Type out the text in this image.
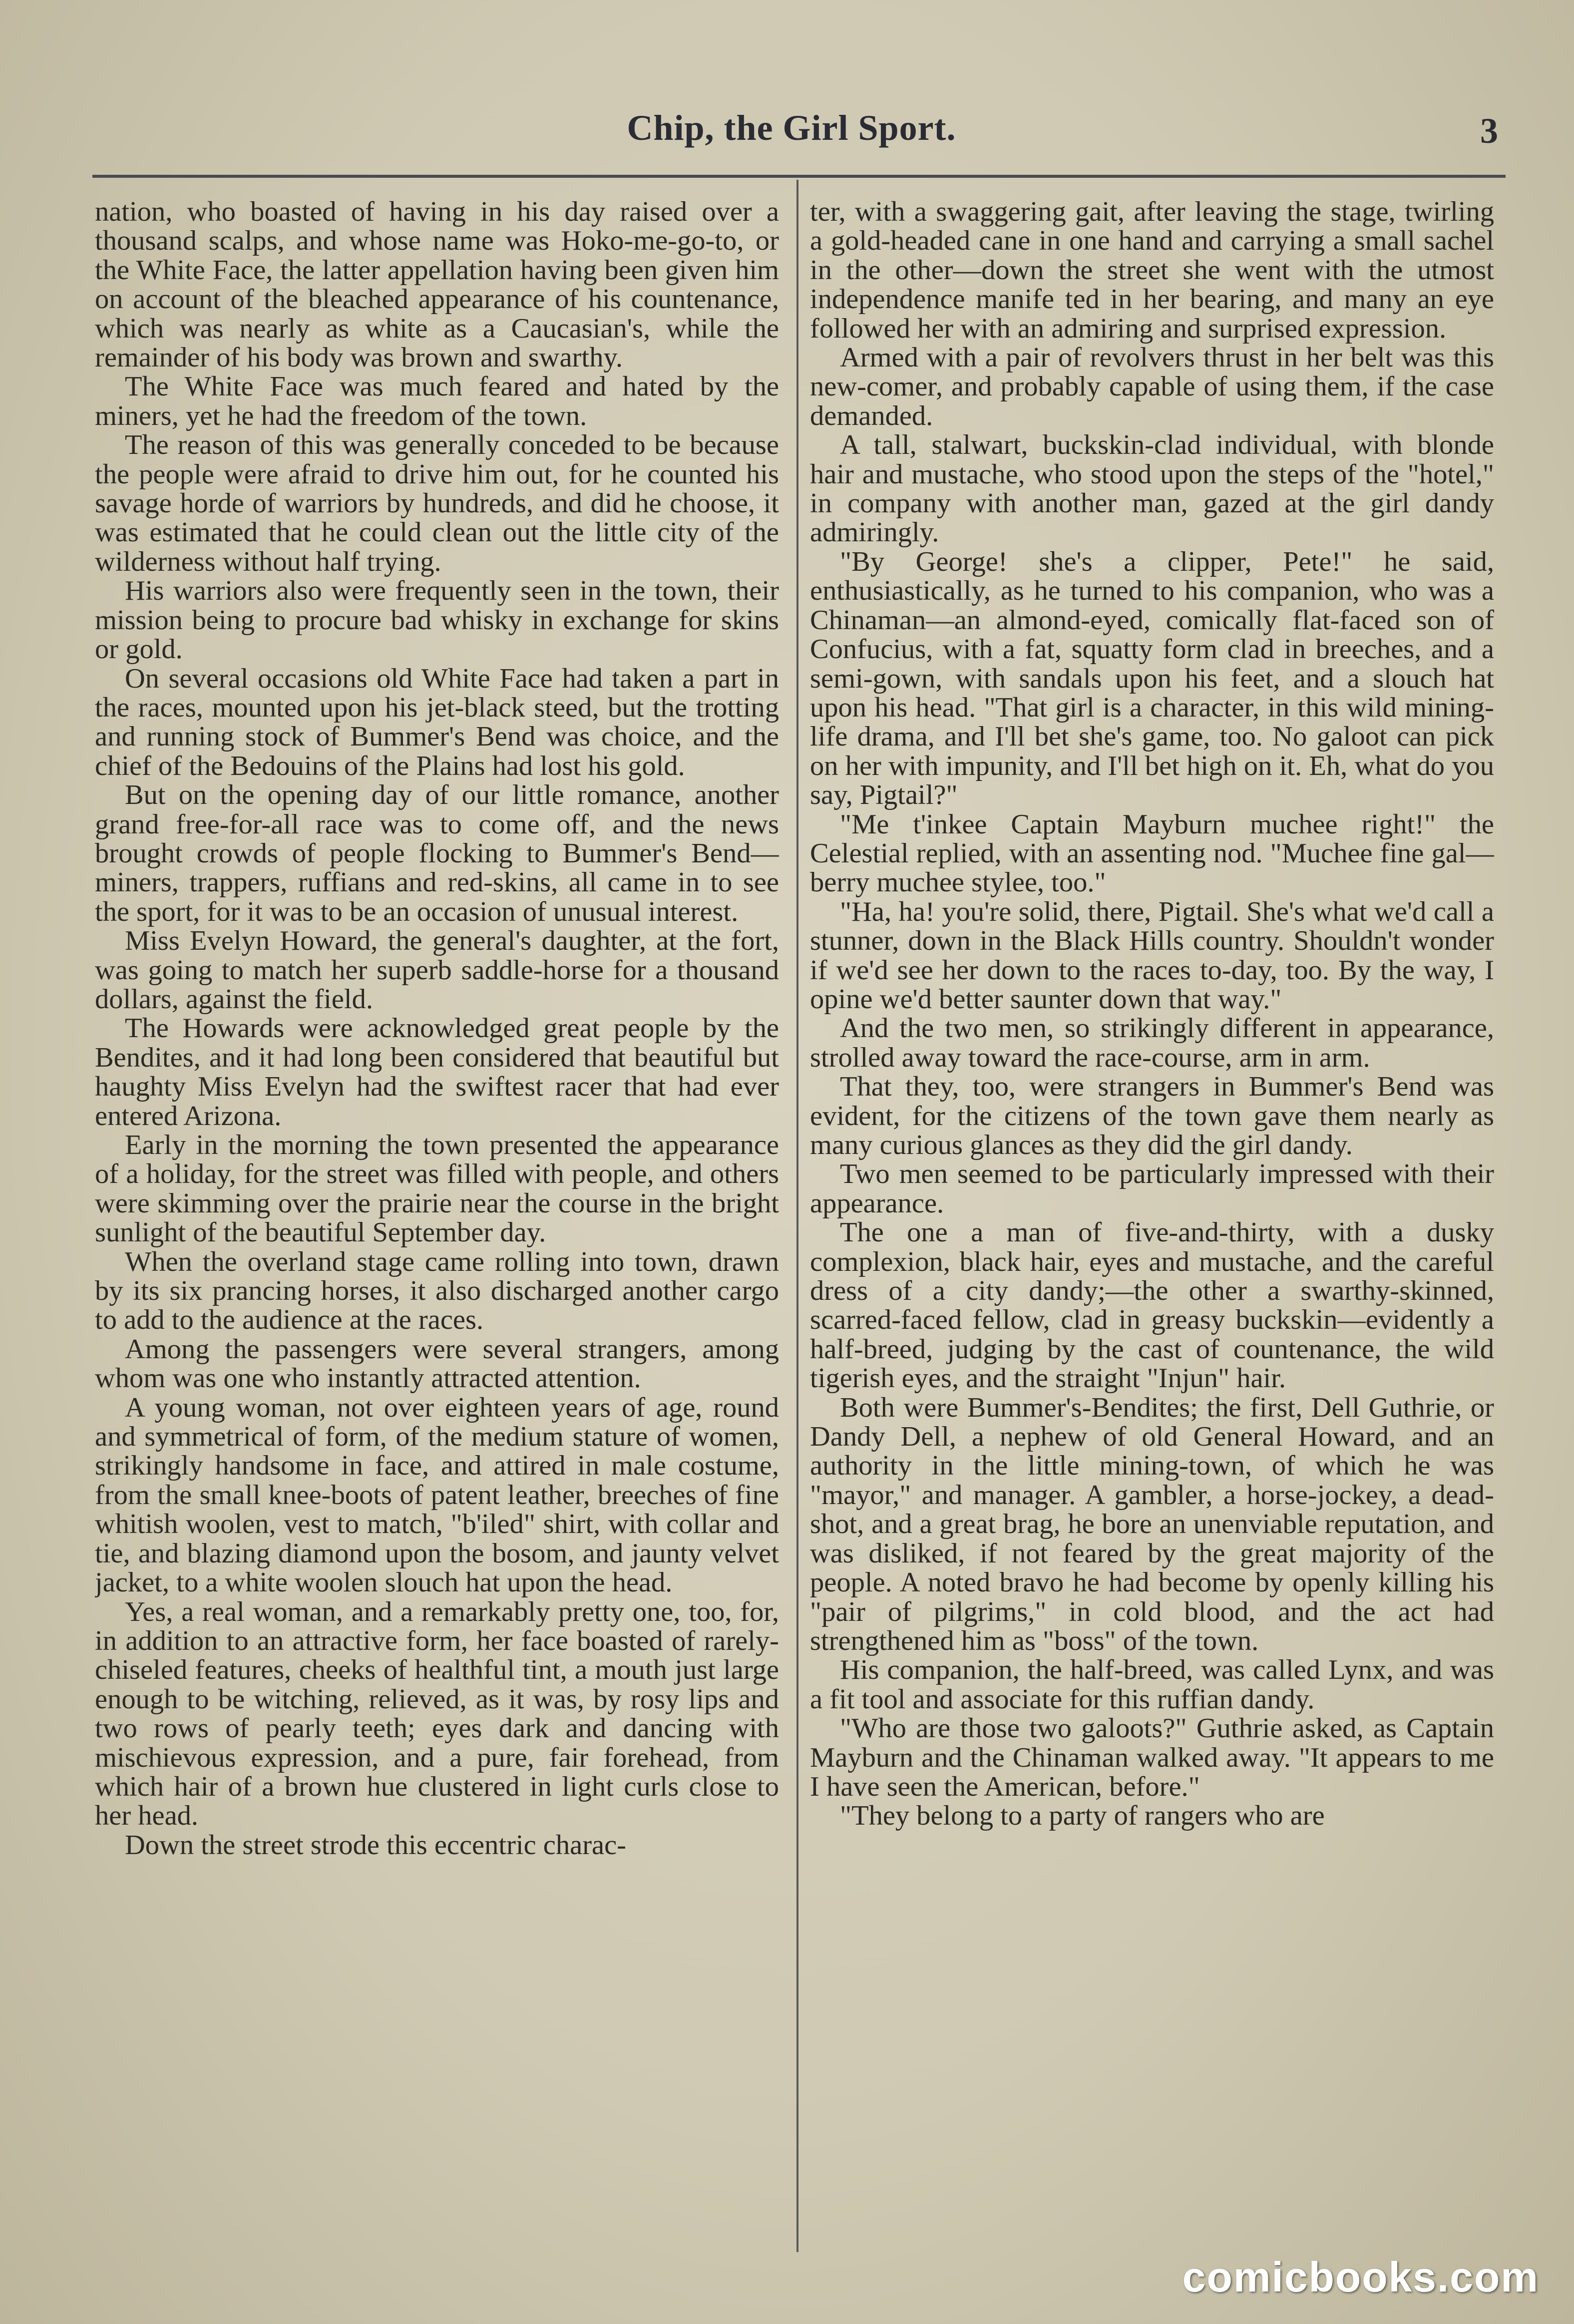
Chip, the Girl Sport.	3

nation, who boasted of having in his day raised over a thousand scalps, and whose name was Hoko-me-go-to, or the White Face, the latter appellation having been given him on account of the bleached appearance of his countenance, which was nearly as white as a Caucasian's, while the remainder of his body was brown and swarthy.

The White Face was much feared and hated by the miners, yet he had the freedom of the town.

The reason of this was generally conceded to be because the people were afraid to drive him out, for he counted his savage horde of warriors by hundreds, and did he choose, it was estimated that he could clean out the little city of the wilderness without half trying.

His warriors also were frequently seen in the town, their mission being to procure bad whisky in exchange for skins or gold.

On several occasions old White Face had taken a part in the races, mounted upon his jet-black steed, but the trotting and running stock of Bummer's Bend was choice, and the chief of the Bedouins of the Plains had lost his gold.

But on the opening day of our little romance, another grand free-for-all race was to come off, and the news brought crowds of people flocking to Bummer's Bend—miners, trappers, ruffians and red-skins, all came in to see the sport, for it was to be an occasion of unusual interest.

Miss Evelyn Howard, the general's daughter, at the fort, was going to match her superb saddle-horse for a thousand dollars, against the field.

The Howards were acknowledged great people by the Bendites, and it had long been considered that beautiful but haughty Miss Evelyn had the swiftest racer that had ever entered Arizona.

Early in the morning the town presented the appearance of a holiday, for the street was filled with people, and others were skimming over the prairie near the course in the bright sunlight of the beautiful September day.

When the overland stage came rolling into town, drawn by its six prancing horses, it also discharged another cargo to add to the audience at the races.

Among the passengers were several strangers, among whom was one who instantly attracted attention.

A young woman, not over eighteen years of age, round and symmetrical of form, of the medium stature of women, strikingly handsome in face, and attired in male costume, from the small knee-boots of patent leather, breeches of fine whitish woolen, vest to match, "b'iled" shirt, with collar and tie, and blazing diamond upon the bosom, and jaunty velvet jacket, to a white woolen slouch hat upon the head.

Yes, a real woman, and a remarkably pretty one, too, for, in addition to an attractive form, her face boasted of rarely-chiseled features, cheeks of healthful tint, a mouth just large enough to be witching, relieved, as it was, by rosy lips and two rows of pearly teeth; eyes dark and dancing with mischievous expression, and a pure, fair forehead, from which hair of a brown hue clustered in light curls close to her head.

Down the street strode this eccentric charac-

ter, with a swaggering gait, after leaving the stage, twirling a gold-headed cane in one hand and carrying a small sachel in the other—down the street she went with the utmost independence manife ted in her bearing, and many an eye followed her with an admiring and surprised expression.

Armed with a pair of revolvers thrust in her belt was this new-comer, and probably capable of using them, if the case demanded.

A tall, stalwart, buckskin-clad individual, with blonde hair and mustache, who stood upon the steps of the "hotel," in company with another man, gazed at the girl dandy admiringly.

"By George! she's a clipper, Pete!" he said, enthusiastically, as he turned to his companion, who was a Chinaman—an almond-eyed, comically flat-faced son of Confucius, with a fat, squatty form clad in breeches, and a semi-gown, with sandals upon his feet, and a slouch hat upon his head. "That girl is a character, in this wild mining-life drama, and I'll bet she's game, too. No galoot can pick on her with impunity, and I'll bet high on it. Eh, what do you say, Pigtail?"

"Me t'inkee Captain Mayburn muchee right!" the Celestial replied, with an assenting nod. "Muchee fine gal—berry muchee stylee, too."

"Ha, ha! you're solid, there, Pigtail. She's what we'd call a stunner, down in the Black Hills country. Shouldn't wonder if we'd see her down to the races to-day, too. By the way, I opine we'd better saunter down that way."

And the two men, so strikingly different in appearance, strolled away toward the race-course, arm in arm.

That they, too, were strangers in Bummer's Bend was evident, for the citizens of the town gave them nearly as many curious glances as they did the girl dandy.

Two men seemed to be particularly impressed with their appearance.

The one a man of five-and-thirty, with a dusky complexion, black hair, eyes and mustache, and the careful dress of a city dandy;—the other a swarthy-skinned, scarred-faced fellow, clad in greasy buckskin—evidently a half-breed, judging by the cast of countenance, the wild tigerish eyes, and the straight "Injun" hair.

Both were Bummer's-Bendites; the first, Dell Guthrie, or Dandy Dell, a nephew of old General Howard, and an authority in the little mining-town, of which he was "mayor," and manager. A gambler, a horse-jockey, a dead-shot, and a great brag, he bore an unenviable reputation, and was disliked, if not feared by the great majority of the people. A noted bravo he had become by openly killing his "pair of pilgrims," in cold blood, and the act had strengthened him as "boss" of the town.

His companion, the half-breed, was called Lynx, and was a fit tool and associate for this ruffian dandy.

"Who are those two galoots?" Guthrie asked, as Captain Mayburn and the Chinaman walked away. "It appears to me I have seen the American, before."

"They belong to a party of rangers who are

comicbooks.com
